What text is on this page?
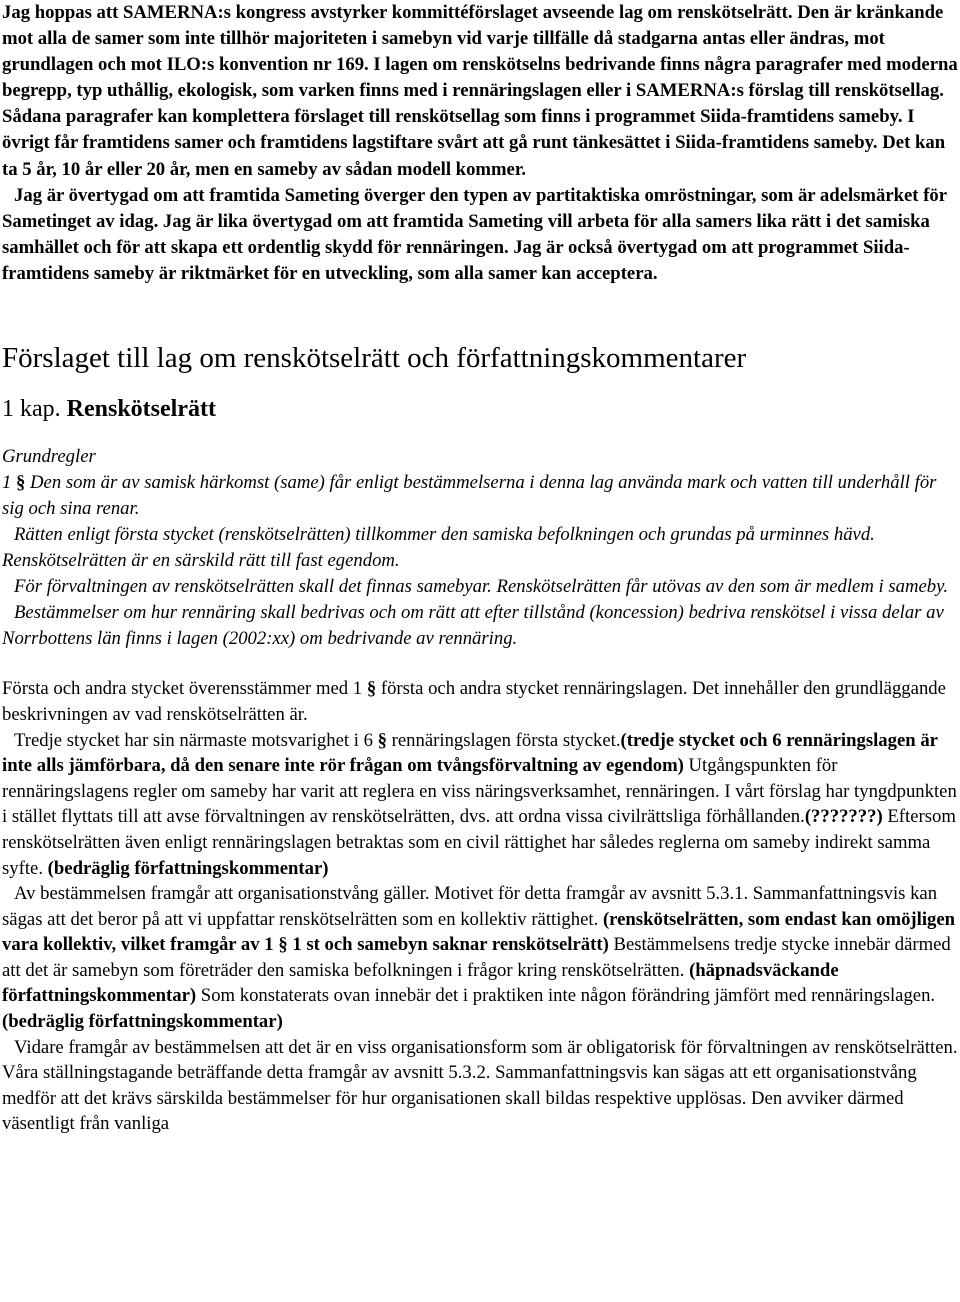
Jag hoppas att SAMERNA:s kongress avstyrker kommittéförslaget avseende lag om renskötselrätt. Den är kränkande mot alla de samer som inte tillhör majoriteten i samebyn vid varje tillfälle då stadgarna antas eller ändras, mot grundlagen och mot ILO:s konvention nr 169. I lagen om renskötselns bedrivande finns några paragrafer med moderna begrepp, typ uthållig, ekologisk, som varken finns med i rennäringslagen eller i SAMERNA:s förslag till renskötsellag. Sådana paragrafer kan komplettera förslaget till renskötsellag som finns i programmet Siida-framtidens sameby. I övrigt får framtidens samer och framtidens lagstiftare svårt att gå runt tänkesättet i Siida-framtidens sameby. Det kan ta 5 år, 10 år eller 20 år, men en sameby av sådan modell kommer.

Jag är övertygad om att framtida Sameting överger den typen av partitaktiska omröstningar, som är adelsmärket för Sametinget av idag. Jag är lika övertygad om att framtida Sameting vill arbeta för alla samers lika rätt i det samiska samhället och för att skapa ett ordentlig skydd för rennäringen. Jag är också övertygad om att programmet Siida-framtidens sameby är riktmärket för en utveckling, som alla samer kan acceptera.

Förslaget till lag om renskötselrätt och författningskommentarer
1 kap. Renskötselrätt

Grundregler

1 § Den som är av samisk härkomst (same) får enligt bestämmelserna i denna lag använda mark och vatten till underhåll för sig och sina renar.

Rätten enligt första stycket (renskötselrätten) tillkommer den samiska befolkningen och grundas på urminnes hävd. Renskötselrätten är en särskild rätt till fast egendom.

För förvaltningen av renskötselrätten skall det finnas samebyar. Renskötselrätten får utövas av den som är medlem i sameby.

Bestämmelser om hur rennäring skall bedrivas och om rätt att efter tillstånd (koncession) bedriva renskötsel i vissa delar av Norrbottens län finns i lagen (2002:xx) om bedrivande av rennäring.

Första och andra stycket överensstämmer med 1 § första och andra stycket rennäringslagen. Det innehåller den grundläggande beskrivningen av vad renskötselrätten är.

Tredje stycket har sin närmaste motsvarighet i 6 § rennäringslagen första stycket.(tredje stycket och 6 rennäringslagen är inte alls jämförbara, då den senare inte rör frågan om tvångsförvaltning av egendom) Utgångspunkten för rennäringslagens regler om sameby har varit att reglera en viss näringsverksamhet, rennäringen. I vårt förslag har tyngdpunkten i stället flyttats till att avse förvaltningen av renskötselrätten, dvs. att ordna vissa civilrättsliga förhållanden.(???????) Eftersom renskötselrätten även enligt rennäringslagen betraktas som en civil rättighet har således reglerna om sameby indirekt samma syfte. (bedräglig författningskommentar)

Av bestämmelsen framgår att organisationstvång gäller. Motivet för detta framgår av avsnitt 5.3.1. Sammanfattningsvis kan sägas att det beror på att vi uppfattar renskötselrätten som en kollektiv rättighet. (renskötselrätten, som endast kan omöjligen vara kollektiv, vilket framgår av 1 § 1 st och samebyn saknar renskötselrätt) Bestämmelsens tredje stycke innebär därmed att det är samebyn som företräder den samiska befolkningen i frågor kring renskötselrätten. (häpnadsväckande författningskommentar) Som konstaterats ovan innebär det i praktiken inte någon förändring jämfört med rennäringslagen. (bedräglig författningskommentar)

Vidare framgår av bestämmelsen att det är en viss organisationsform som är obligatorisk för förvaltningen av renskötselrätten. Våra ställningstagande beträffande detta framgår av avsnitt 5.3.2. Sammanfattningsvis kan sägas att ett organisationstvång medför att det krävs särskilda bestämmelser för hur organisationen skall bildas respektive upplösas. Den avviker därmed väsentligt från vanliga
